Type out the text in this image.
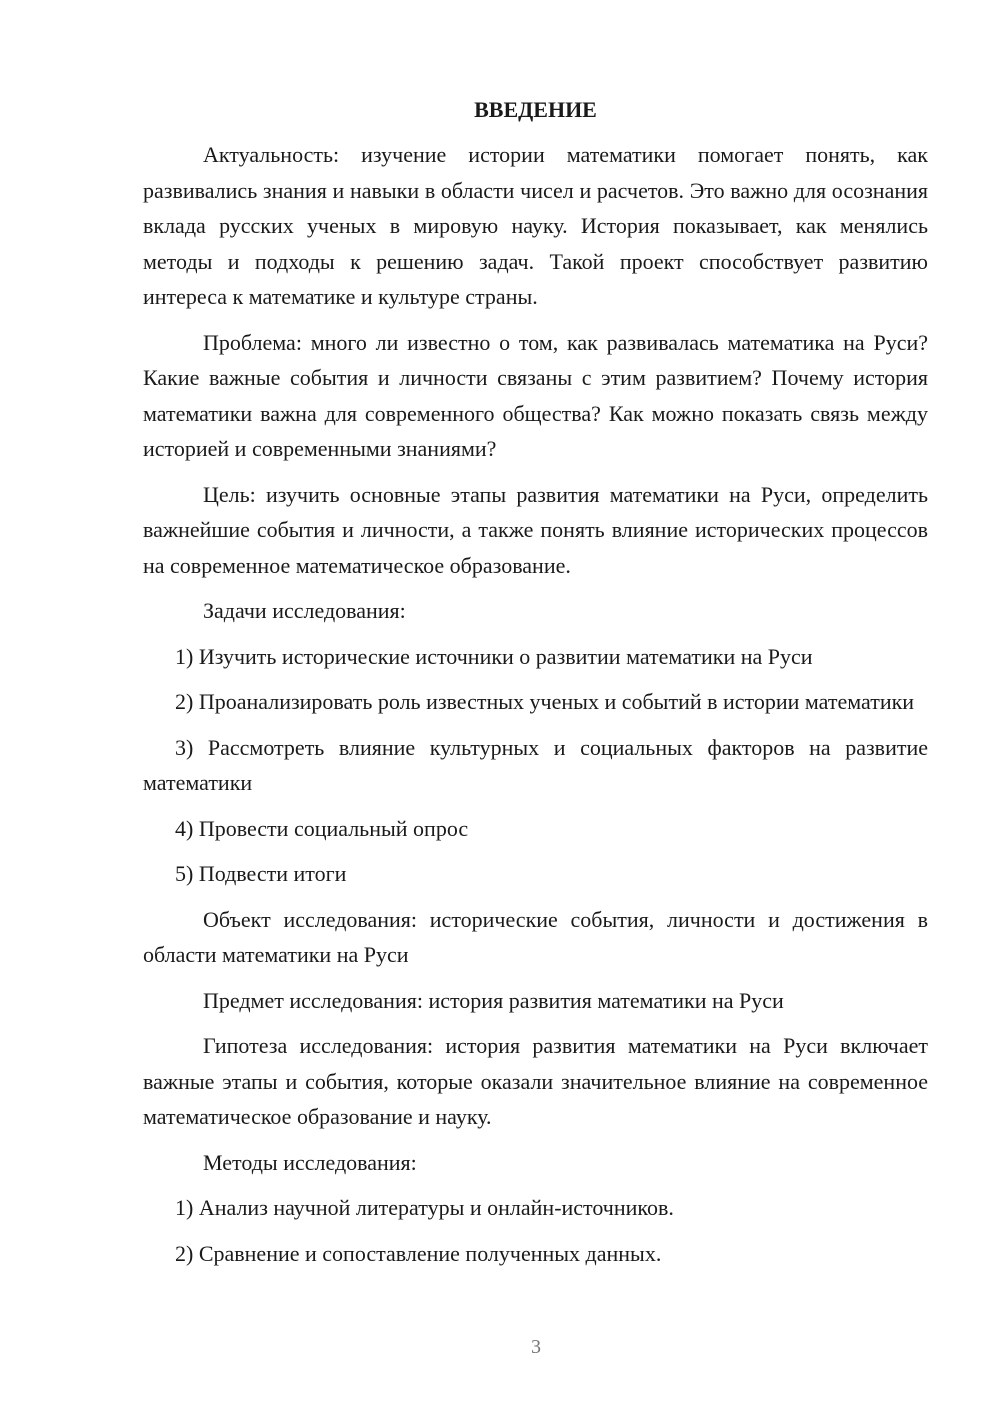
ВВЕДЕНИЕ

Актуальность: изучение истории математики помогает понять, как развивались знания и навыки в области чисел и расчетов. Это важно для осознания вклада русских ученых в мировую науку. История показывает, как менялись методы и подходы к решению задач. Такой проект способствует развитию интереса к математике и культуре страны.

Проблема: много ли известно о том, как развивалась математика на Руси? Какие важные события и личности связаны с этим развитием? Почему история математики важна для современного общества? Как можно показать связь между историей и современными знаниями?

Цель: изучить основные этапы развития математики на Руси, определить важнейшие события и личности, а также понять влияние исторических процессов на современное математическое образование.

Задачи исследования:

1) Изучить исторические источники о развитии математики на Руси

2) Проанализировать роль известных ученых и событий в истории математики

3) Рассмотреть влияние культурных и социальных факторов на развитие математики

4) Провести социальный опрос

5) Подвести итоги

Объект исследования: исторические события, личности и достижения в области математики на Руси

Предмет исследования: история развития математики на Руси

Гипотеза исследования: история развития математики на Руси включает важные этапы и события, которые оказали значительное влияние на современное математическое образование и науку.

Методы исследования:

1) Анализ научной литературы и онлайн-источников.

2) Сравнение и сопоставление полученных данных.

3
